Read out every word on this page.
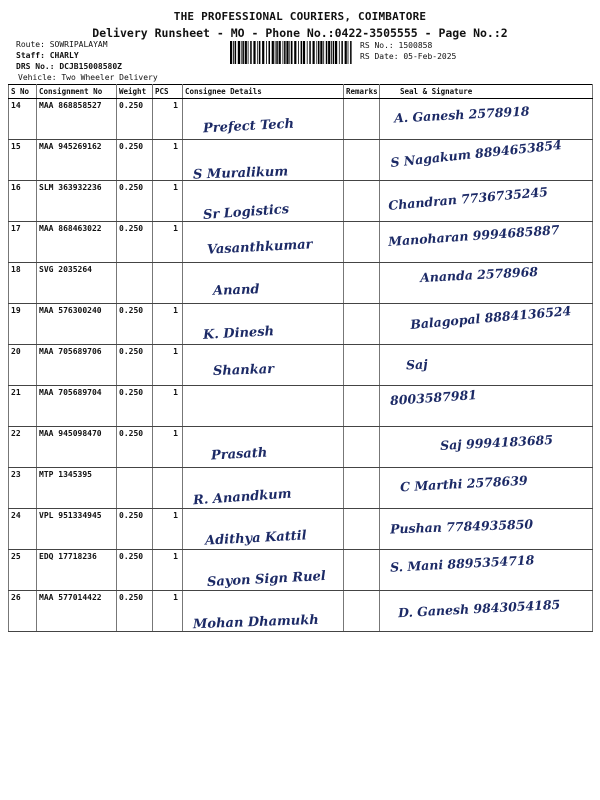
THE PROFESSIONAL COURIERS, COIMBATORE
Delivery Runsheet - MO - Phone No.:0422-3505555 - Page No.:2
Route: SOWRIPALAYAM
Staff: CHARLY
DRS No.: DCJB15008580Z
Vehicle: Two Wheeler Delivery
RS No.: 1500858
RS Date: 05-Feb-2025
S No	Consignment No	Weight	PCS	Consignee Details	Remarks	Seal & Signature
14	MAA 868858527	0.250	1	Prefect Tech		A. Ganesh 2578918

15	MAA 945269162	0.250	1	S Muralikum		S Nagakum 8894653854

16	SLM 363932236	0.250	1	Sr Logistics		Chandran 7736735245

17	MAA 868463022	0.250	1	Vasanthkumar		Manoharan 9994685887

18	SVG 2035264			Anand		Ananda 2578968

19	MAA 576300240	0.250	1	K. Dinesh		Balagopal 8884136524

20	MAA 705689706	0.250	1	Shankar		Saj

21	MAA 705689704	0.250	1			8003587981

22	MAA 945098470	0.250	1	Prasath		Saj 9994183685

23	MTP 1345395			R. Anandkum		C Marthi 2578639

24	VPL 951334945	0.250	1	Adithya Kattil		Pushan 7784935850

25	EDQ 17718236	0.250	1	Sayon Sign Ruel		S. Mani 8895354718

26	MAA 577014422	0.250	1	Mohan Dhamukh		D. Ganesh 9843054185
